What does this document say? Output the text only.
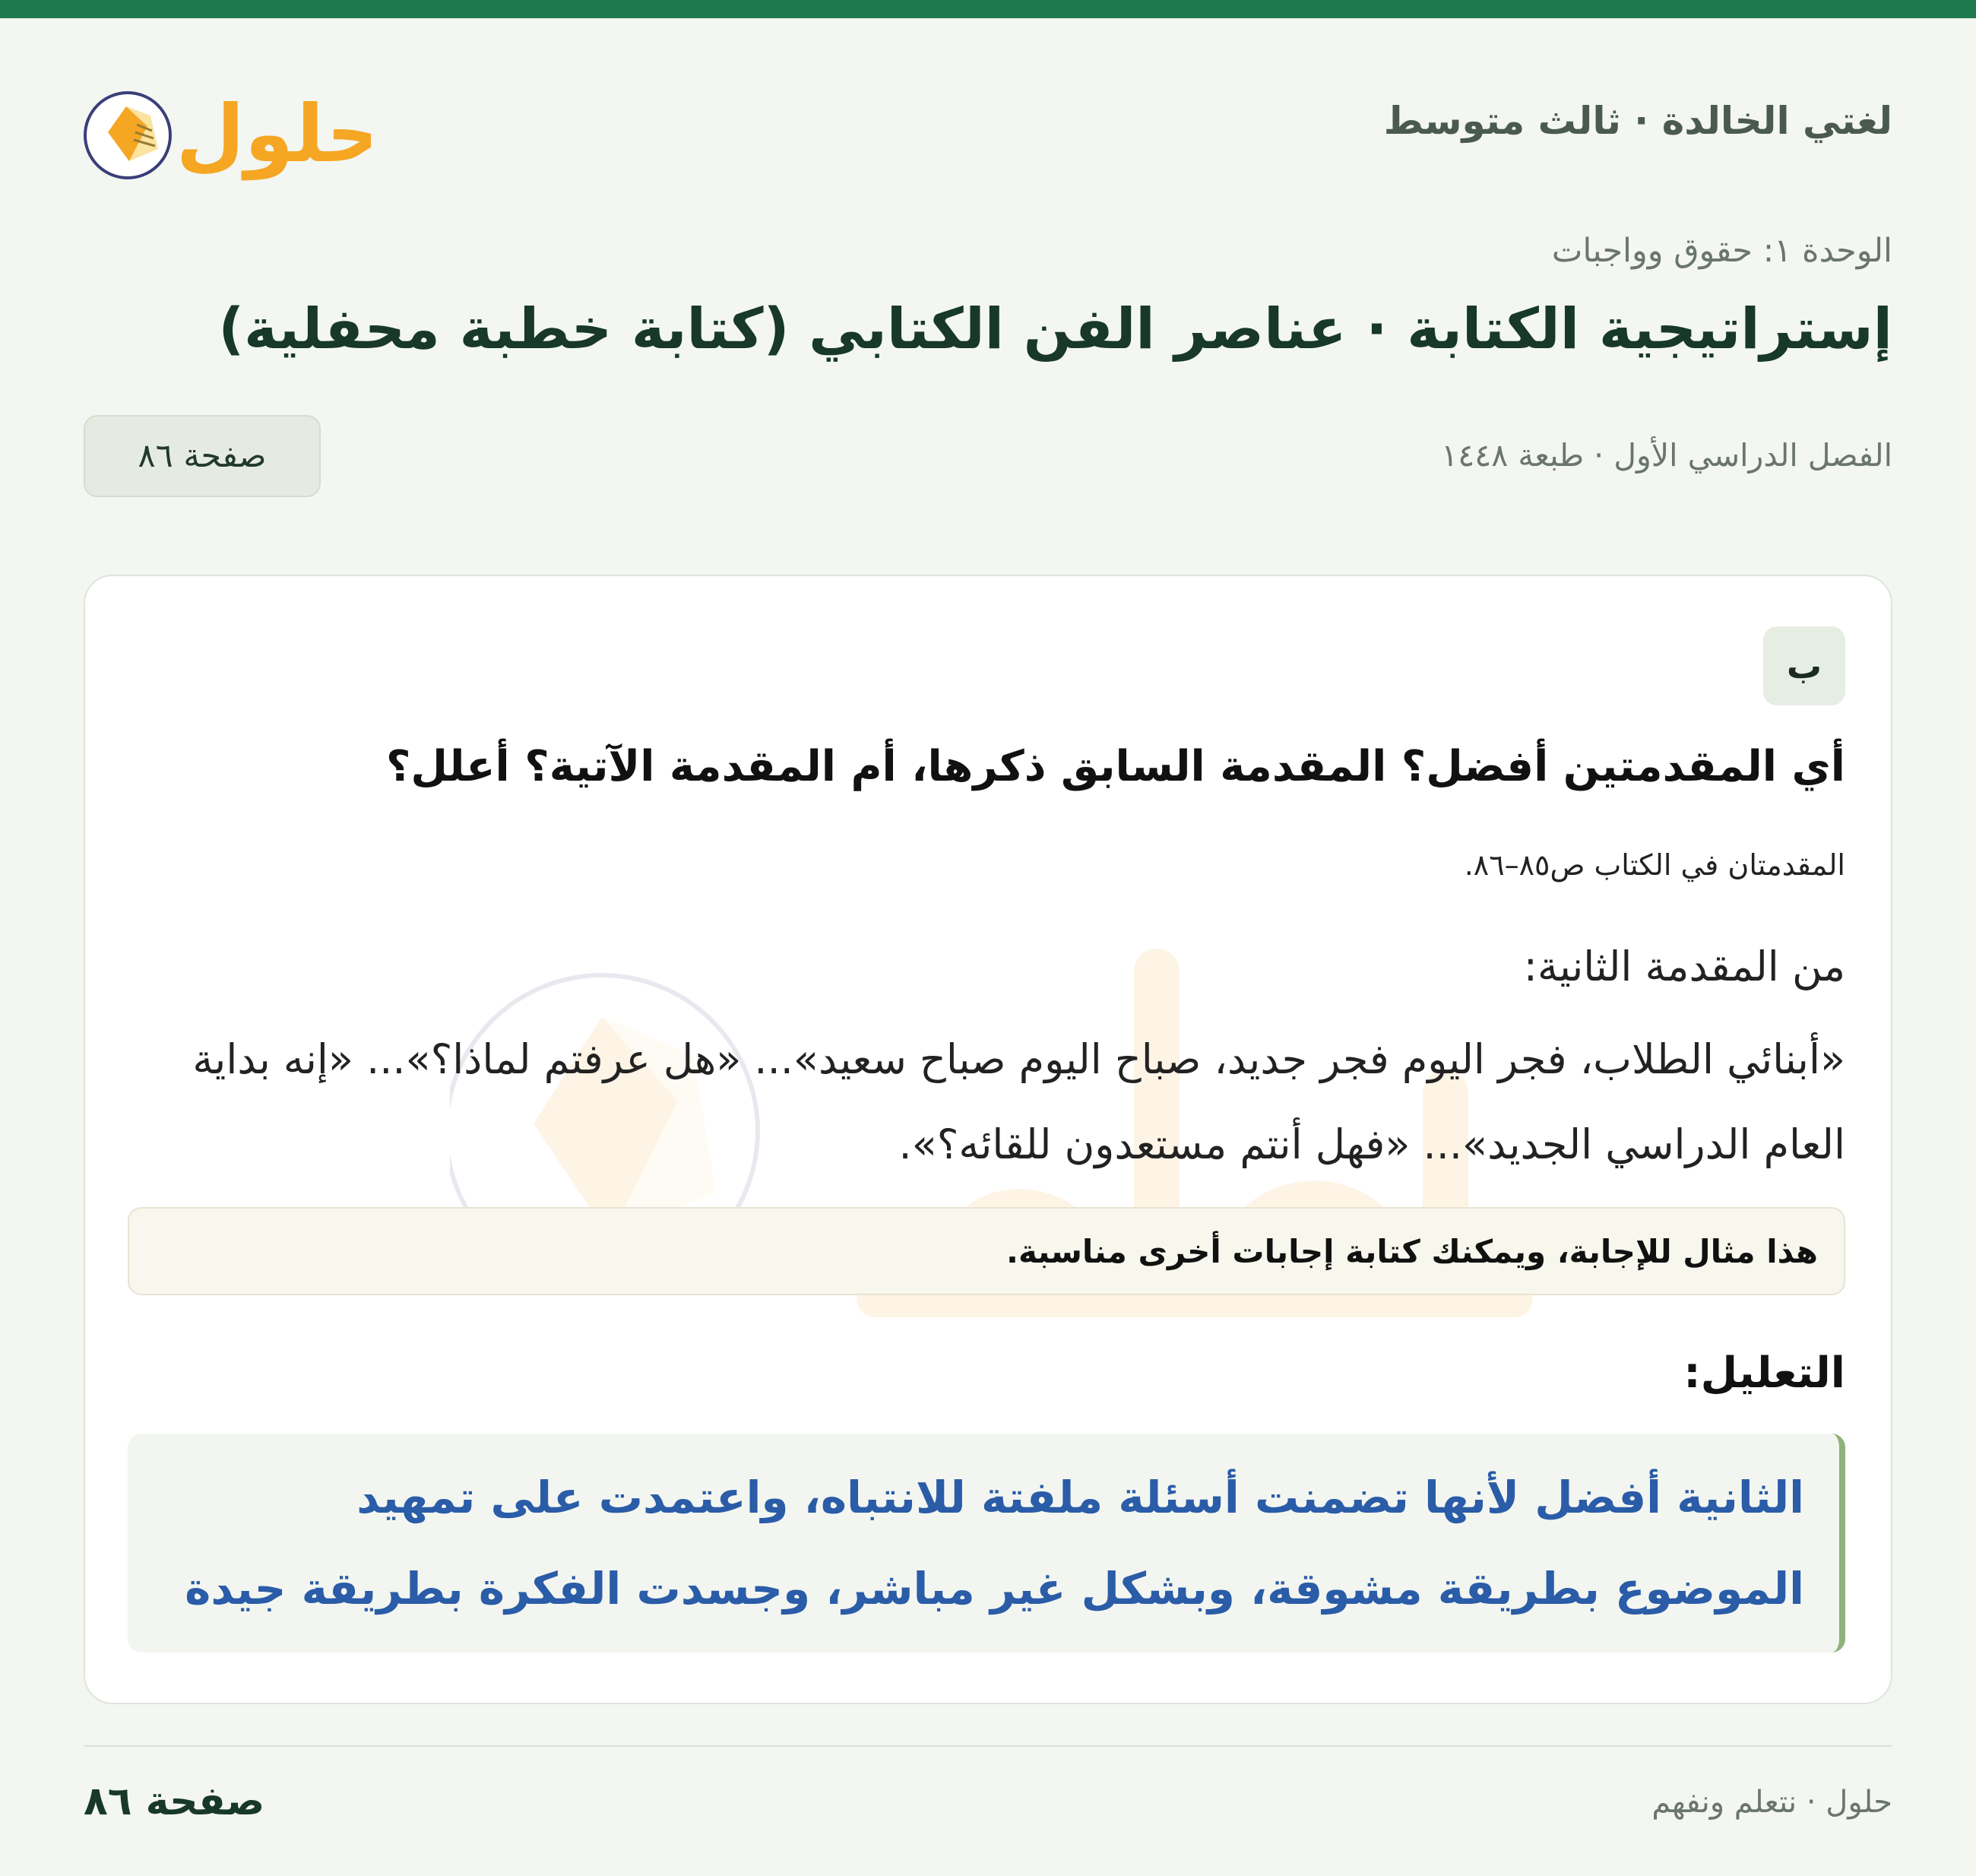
حلول	لغتي الخالدة · ثالث متوسط
الوحدة ١: حقوق وواجبات
إستراتيجية الكتابة · عناصر الفن الكتابي (كتابة خطبة محفلية)
الفصل الدراسي الأول · طبعة ١٤٤٨
صفحة ٨٦
ب
أي المقدمتين أفضل؟ المقدمة السابق ذكرها، أم المقدمة الآتية؟ أعلل؟
المقدمتان في الكتاب ص٨٥–٨٦.
من المقدمة الثانية:
«أبنائي الطلاب، فجر اليوم فجر جديد، صباح اليوم صباح سعيد»... «هل عرفتم لماذا؟»... «إنه بداية العام الدراسي الجديد»... «فهل أنتم مستعدون للقائه؟».
هذا مثال للإجابة، ويمكنك كتابة إجابات أخرى مناسبة.
التعليل:
الثانية أفضل لأنها تضمنت أسئلة ملفتة للانتباه، واعتمدت على تمهيد الموضوع بطريقة مشوقة، وبشكل غير مباشر، وجسدت الفكرة بطريقة جيدة
حلول · نتعلم ونفهم
صفحة ٨٦
